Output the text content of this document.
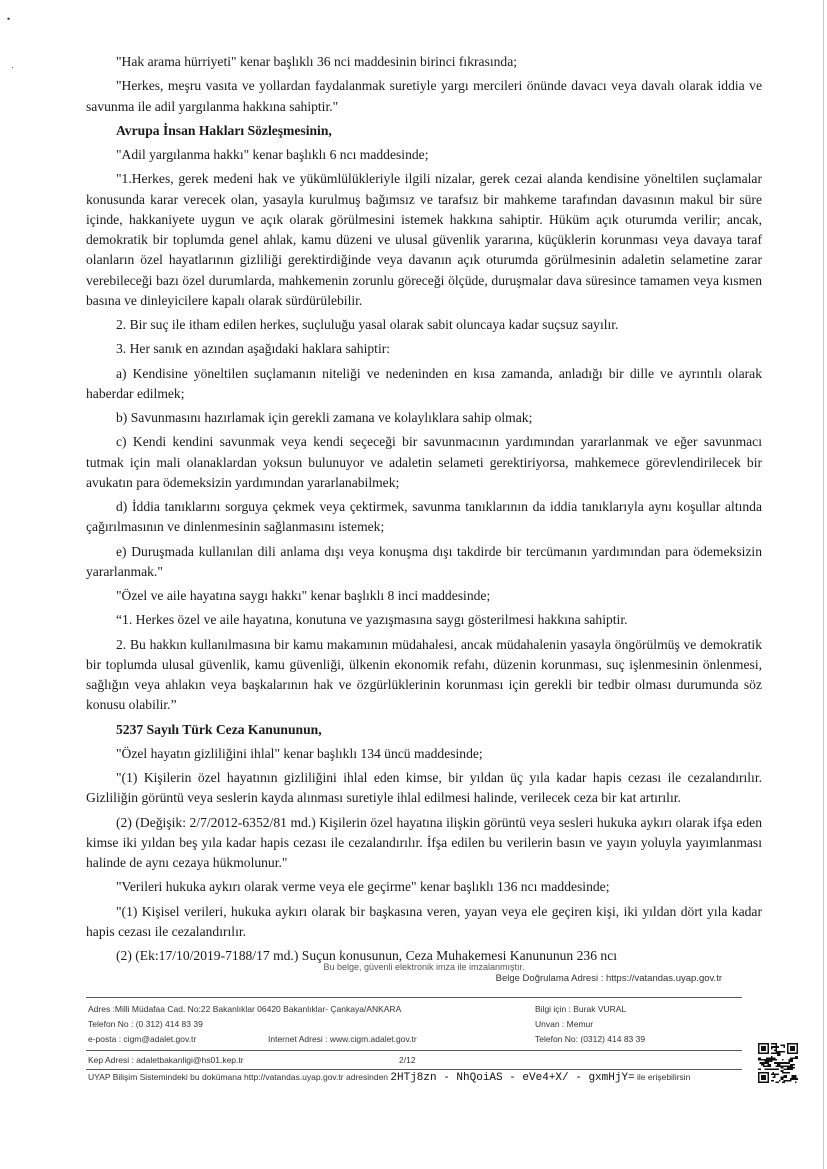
•
·	"Hak arama hürriyeti" kenar başlıklı 36 nci maddesinin birinci fıkrasında;

"Herkes, meşru vasıta ve yollardan faydalanmak suretiyle yargı mercileri önünde davacı veya davalı olarak iddia ve savunma ile adil yargılanma hakkına sahiptir."

Avrupa İnsan Hakları Sözleşmesinin,

"Adil yargılanma hakkı" kenar başlıklı 6 ncı maddesinde;

"1.Herkes, gerek medeni hak ve yükümlülükleriyle ilgili nizalar, gerek cezai alanda kendisine yöneltilen suçlamalar konusunda karar verecek olan, yasayla kurulmuş bağımsız ve tarafsız bir mahkeme tarafından davasının makul bir süre içinde, hakkaniyete uygun ve açık olarak görülmesini istemek hakkına sahiptir. Hüküm açık oturumda verilir; ancak, demokratik bir toplumda genel ahlak, kamu düzeni ve ulusal güvenlik yararına, küçüklerin korunması veya davaya taraf olanların özel hayatlarının gizliliği gerektirdiğinde veya davanın açık oturumda görülmesinin adaletin selametine zarar verebileceği bazı özel durumlarda, mahkemenin zorunlu göreceği ölçüde, duruşmalar dava süresince tamamen veya kısmen basına ve dinleyicilere kapalı olarak sürdürülebilir.

2. Bir suç ile itham edilen herkes, suçluluğu yasal olarak sabit oluncaya kadar suçsuz sayılır.

3. Her sanık en azından aşağıdaki haklara sahiptir:

a) Kendisine yöneltilen suçlamanın niteliği ve nedeninden en kısa zamanda, anladığı bir dille ve ayrıntılı olarak haberdar edilmek;

b) Savunmasını hazırlamak için gerekli zamana ve kolaylıklara sahip olmak;

c) Kendi kendini savunmak veya kendi seçeceği bir savunmacının yardımından yararlanmak ve eğer savunmacı tutmak için mali olanaklardan yoksun bulunuyor ve adaletin selameti gerektiriyorsa, mahkemece görevlendirilecek bir avukatın para ödemeksizin yardımından yararlanabilmek;

d) İddia tanıklarını sorguya çekmek veya çektirmek, savunma tanıklarının da iddia tanıklarıyla aynı koşullar altında çağırılmasının ve dinlenmesinin sağlanmasını istemek;

e) Duruşmada kullanılan dili anlama dışı veya konuşma dışı takdirde bir tercümanın yardımından para ödemeksizin yararlanmak."

"Özel ve aile hayatına saygı hakkı" kenar başlıklı 8 inci maddesinde;

“1. Herkes özel ve aile hayatına, konutuna ve yazışmasına saygı gösterilmesi hakkına sahiptir.

2. Bu hakkın kullanılmasına bir kamu makamının müdahalesi, ancak müdahalenin yasayla öngörülmüş ve demokratik bir toplumda ulusal güvenlik, kamu güvenliği, ülkenin ekonomik refahı, düzenin korunması, suç işlenmesinin önlenmesi, sağlığın veya ahlakın veya başkalarının hak ve özgürlüklerinin korunması için gerekli bir tedbir olması durumunda söz konusu olabilir.”

5237 Sayılı Türk Ceza Kanununun,

"Özel hayatın gizliliğini ihlal" kenar başlıklı 134 üncü maddesinde;

"(1) Kişilerin özel hayatının gizliliğini ihlal eden kimse, bir yıldan üç yıla kadar hapis cezası ile cezalandırılır. Gizliliğin görüntü veya seslerin kayda alınması suretiyle ihlal edilmesi halinde, verilecek ceza bir kat artırılır.

(2) (Değişik: 2/7/2012-6352/81 md.) Kişilerin özel hayatına ilişkin görüntü veya sesleri hukuka aykırı olarak ifşa eden kimse iki yıldan beş yıla kadar hapis cezası ile cezalandırılır. İfşa edilen bu verilerin basın ve yayın yoluyla yayımlanması halinde de aynı cezaya hükmolunur."

"Verileri hukuka aykırı olarak verme veya ele geçirme" kenar başlıklı 136 ncı maddesinde;

"(1) Kişisel verileri, hukuka aykırı olarak bir başkasına veren, yayan veya ele geçiren kişi, iki yıldan dört yıla kadar hapis cezası ile cezalandırılır.

(2) (Ek:17/10/2019-7188/17 md.) Suçun konusunun, Ceza Muhakemesi Kanununun 236 ncı

Bu belge, güvenli elektronik imza ile imzalanmıştır.
Belge Doğrulama Adresi : https://vatandas.uyap.gov.tr
Adres :Milli Müdafaa Cad. No:22 Bakanlıklar 06420 Bakanlıklar- Çankaya/ANKARA
Telefon No : (0 312) 414 83 39
e-posta : cigm@adalet.gov.tr	Internet Adresi : www.cigm.adalet.gov.tr
Bilgi için : Burak VURAL
Unvan : Memur
Telefon No: (0312) 414 83 39
Kep Adresi : adaletbakanligi@hs01.kep.tr	2/12
UYAP Bilişim Sistemindeki bu dokümana http://vatandas.uyap.gov.tr adresinden 2HTj8zn - NhQoiAS - eVe4+X/ - gxmHjY= ile erişebilirsin
